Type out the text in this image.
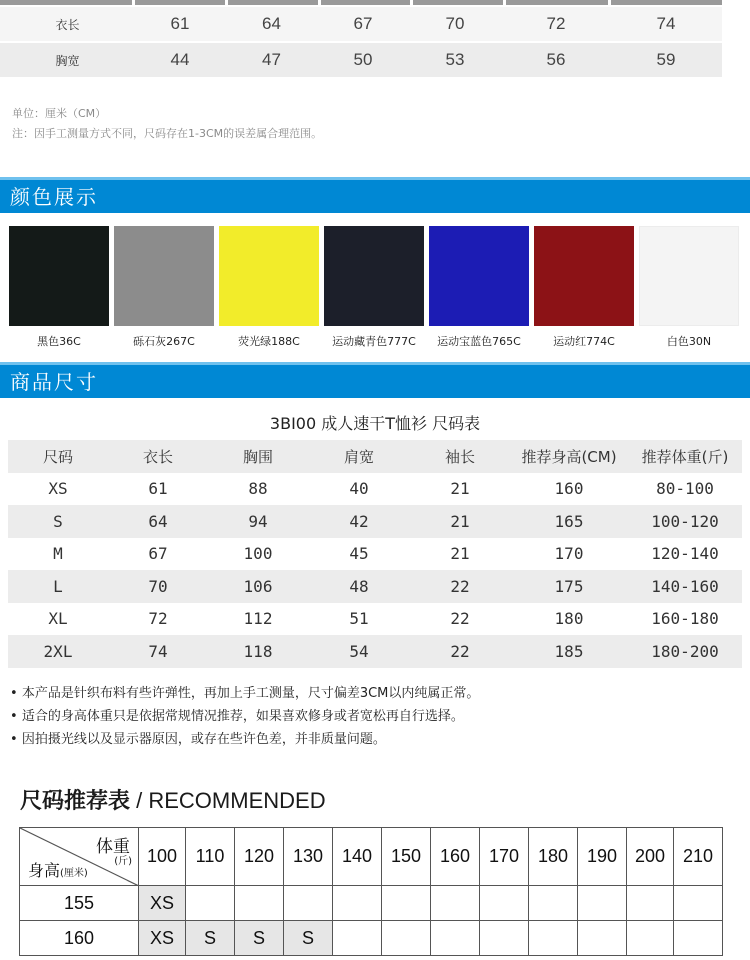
衣长	61	64	67	70	72	74
胸宽	44	47	50	53	56	59
单位：厘米（CM）
注：因手工测量方式不同，尺码存在1-3CM的误差属合理范围。
颜色展示
黑色36C	砾石灰267C	荧光绿188C	运动藏青色777C	运动宝蓝色765C	运动红774C	白色30N
商品尺寸
3BI00 成人速干T恤衫 尺码表
尺码	衣长	胸围	肩宽	袖长	推荐身高(CM)	推荐体重(斤)
XS	61	88	40	21	160	80-100
S	64	94	42	21	165	100-120
M	67	100	45	21	170	120-140
L	70	106	48	22	175	140-160
XL	72	112	51	22	180	160-180
2XL	74	118	54	22	185	180-200
• 本产品是针织布料有些许弹性，再加上手工测量，尺寸偏差3CM以内纯属正常。
• 适合的身高体重只是依据常规情况推荐，如果喜欢修身或者宽松再自行选择。
• 因拍摄光线以及显示器原因，或存在些许色差，并非质量问题。
尺码推荐表 / RECOMMENDED
体重
(斤)
身高(厘米)	100	110	120	130	140	150	160	170	180	190	200	210
155	XS											
160	XS	S	S	S								
